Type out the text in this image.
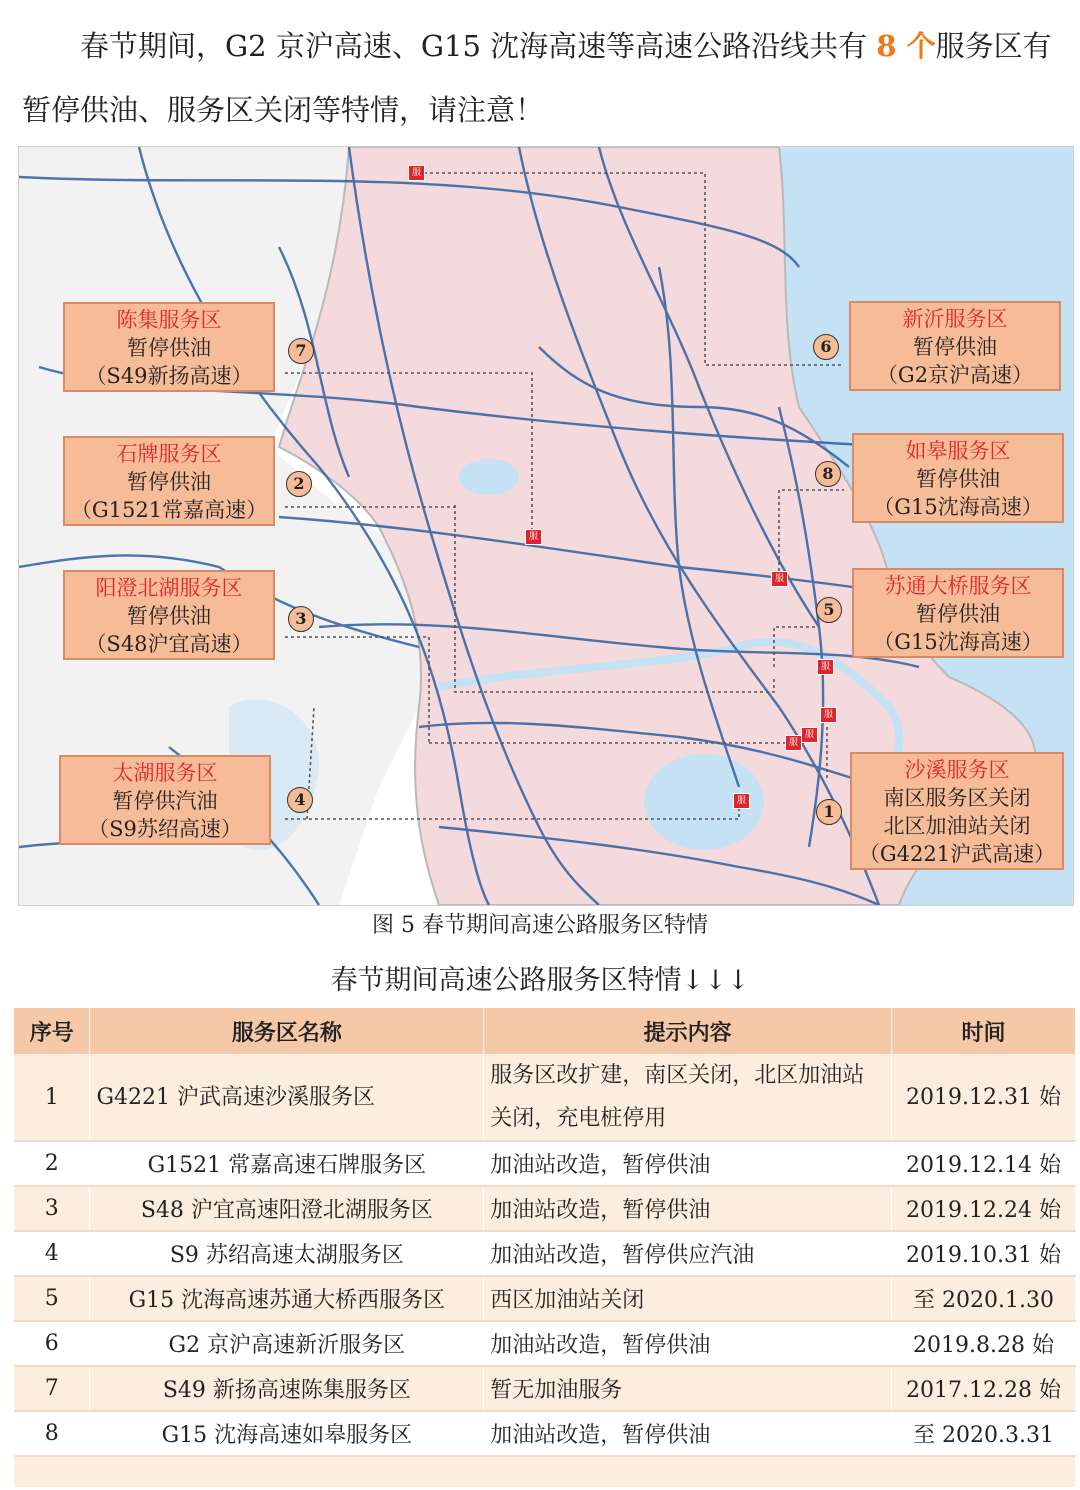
春节期间，G2 京沪高速、G15 沈海高速等高速公路沿线共有 8 个服务区有暂停供油、服务区关闭等特情，请注意！

服
服
服
服
服
服
服
服
陈集服务区
暂停供油
（S49新扬高速）
7
石牌服务区
暂停供油
（G1521常嘉高速）
2
阳澄北湖服务区
暂停供油
（S48沪宜高速）
3
太湖服务区
暂停供汽油
（S9苏绍高速）
4
新沂服务区
暂停供油
（G2京沪高速）
6
如皋服务区
暂停供油
（G15沈海高速）
8
苏通大桥服务区
暂停供油
（G15沈海高速）
5
沙溪服务区
南区服务区关闭
北区加油站关闭
（G4221沪武高速）
1
图 5 春节期间高速公路服务区特情
春节期间高速公路服务区特情↓↓↓
序号	服务区名称	提示内容	时间
1	G4221 沪武高速沙溪服务区	服务区改扩建，南区关闭，北区加油站关闭，充电桩停用	2019.12.31 始
2	G1521 常嘉高速石牌服务区	加油站改造，暂停供油	2019.12.14 始
3	S48 沪宜高速阳澄北湖服务区	加油站改造，暂停供油	2019.12.24 始
4	S9 苏绍高速太湖服务区	加油站改造，暂停供应汽油	2019.10.31 始
5	G15 沈海高速苏通大桥西服务区	西区加油站关闭	至 2020.1.30
6	G2 京沪高速新沂服务区	加油站改造，暂停供油	2019.8.28 始
7	S49 新扬高速陈集服务区	暂无加油服务	2017.12.28 始
8	G15 沈海高速如皋服务区	加油站改造，暂停供油	至 2020.3.31
